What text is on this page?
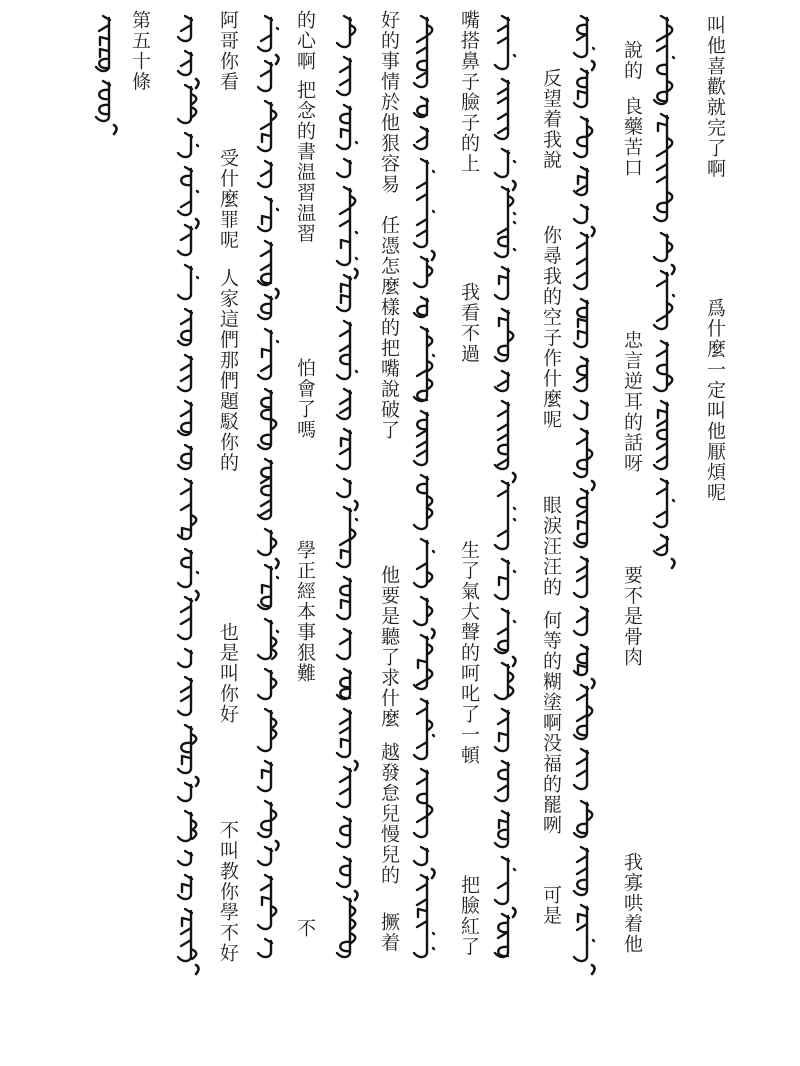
第五十條	阿哥你看
受什麼罪呢
人家這們那們題駁你的
也是叫你好
不叫教你學不好
的心啊
把念的書温習温習
怕會了嗎
學正經本事狠難
不
好的事情於他狠容易
任憑怎麼樣的把嘴說破了
他要是聽了求什麼
越發怠兒慢兒的
撅着
嘴搭鼻子臉子的上
我看不過
生了氣大聲的呵叱了一頓
把臉紅了
反望着我說
你尋我的空子作什麼呢
眼淚汪汪的
何等的糊塗啊没福的罷咧
可是
說的
良藥苦口
忠言逆耳的話呀
要不是骨肉
我寡哄着他
叫他喜歡就完了啊
爲什麼一定叫他厭煩呢
